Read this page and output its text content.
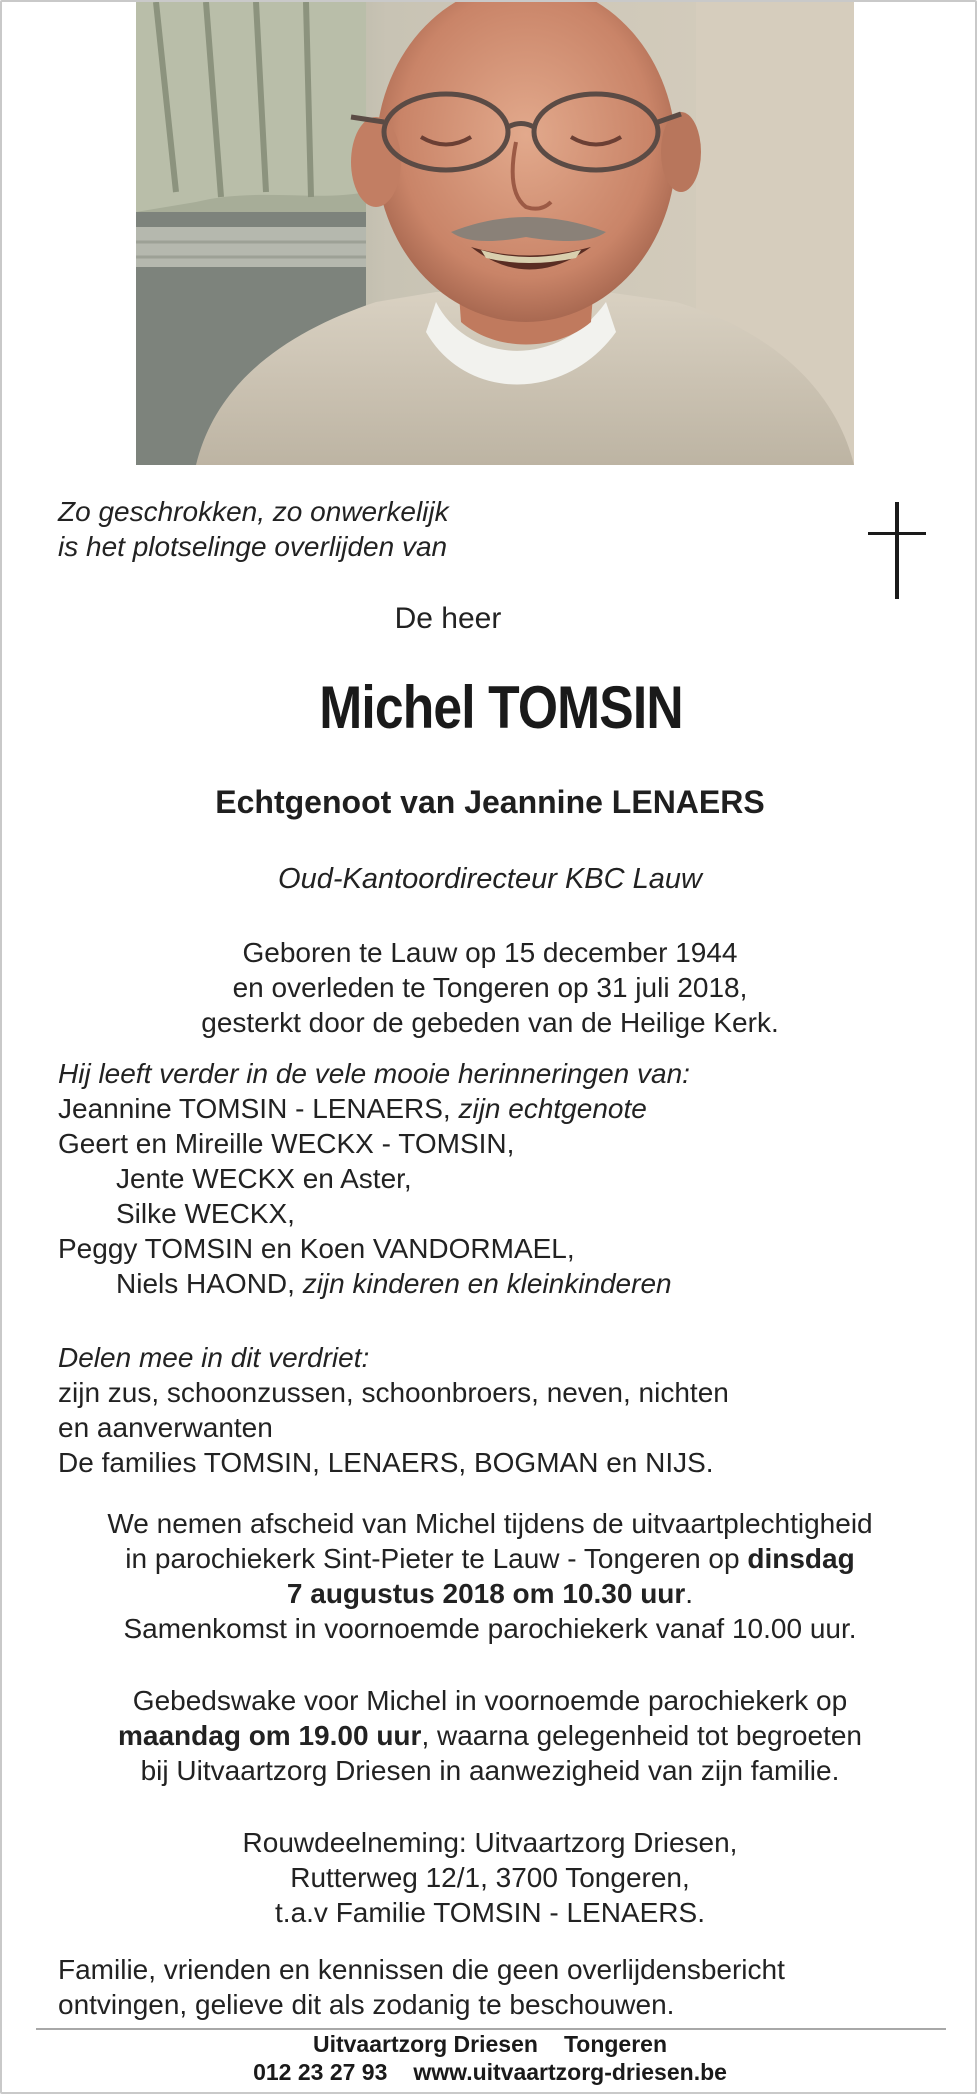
Zo geschrokken, zo onwerkelijk
is het plotselinge overlijden van
De heer
Michel TOMSIN
Echtgenoot van Jeannine LENAERS
Oud-Kantoordirecteur KBC Lauw
Geboren te Lauw op 15 december 1944
en overleden te Tongeren op 31 juli 2018,
gesterkt door de gebeden van de Heilige Kerk.
Hij leeft verder in de vele mooie herinneringen van:
Jeannine TOMSIN - LENAERS, zijn echtgenote
Geert en Mireille WECKX - TOMSIN,
Jente WECKX en Aster,
Silke WECKX,
Peggy TOMSIN en Koen VANDORMAEL,
Niels HAOND, zijn kinderen en kleinkinderen
Delen mee in dit verdriet:
zijn zus, schoonzussen, schoonbroers, neven, nichten
en aanverwanten
De families TOMSIN, LENAERS, BOGMAN en NIJS.
We nemen afscheid van Michel tijdens de uitvaartplechtigheid
in parochiekerk Sint-Pieter te Lauw - Tongeren op dinsdag
7 augustus 2018 om 10.30 uur.
Samenkomst in voornoemde parochiekerk vanaf 10.00 uur.
Gebedswake voor Michel in voornoemde parochiekerk op
maandag om 19.00 uur, waarna gelegenheid tot begroeten
bij Uitvaartzorg Driesen in aanwezigheid van zijn familie.
Rouwdeelneming: Uitvaartzorg Driesen,
Rutterweg 12/1, 3700 Tongeren,
t.a.v Familie TOMSIN - LENAERS.
Familie, vrienden en kennissen die geen overlijdensbericht
ontvingen, gelieve dit als zodanig te beschouwen.
Uitvaartzorg Driesen Tongeren
012 23 27 93 www.uitvaartzorg-driesen.be
